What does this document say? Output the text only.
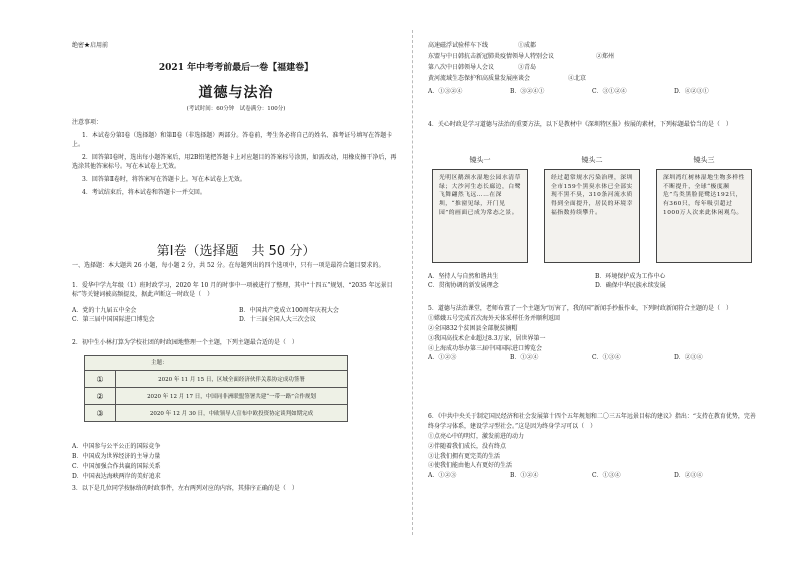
绝密★启用前
2021 年中考考前最后一卷【福建卷】
道德与法治
(考试时间：60分钟　试卷满分：100分)

注意事项：

1．本试卷分第Ⅰ卷（选择题）和第Ⅱ卷（非选择题）两部分。答卷前，考生务必将自己的姓名、准考证号填写在答题卡上。

2．回答第Ⅰ卷时，选出每小题答案后，用2B铅笔把答题卡上对应题目的答案标号涂黑，如需改动，用橡皮擦干净后，再选涂其他答案标号。写在本试卷上无效。

3．回答第Ⅱ卷时，将答案写在答题卡上。写在本试卷上无效。

4．考试结束后，将本试卷和答题卡一并交回。

第Ⅰ卷（选择题　共 50 分）

一、选择题：本大题共 26 小题，每小题 2 分，共 52 分。在每题列出的四个选项中，只有一项是最符合题目要求的。

1．爱华中学九年级（1）班时政学习，2020 年 10 月的时事中一项被进行了整理，其中“十四五”规划、“2035 年远景目标”等关键词被高频提及，据此声断这一时政是（　）

A．党的十九届五中全会	B．中国共产党成立100周年庆祝大会
C．第三届中国国际进口博览会	D．十三届全国人大三次会议

2．初中生小林打算为学校社团的时政园地整理一个主题，下列主题最合适的是（　）

主题：
①	2020 年 11 月 15 日，区域全面经济伙伴关系协定成功签署
②	2020 年 12 月 17 日，中国同非洲联盟签署共建“一带一路”合作规划
③	2020 年 12 月 30 日，中欧领导人宣布中欧投资协定谈判如期完成

A．中国参与公平公正的国际竞争

B．中国成为世界经济的主导力量

C．中国加强合作共赢的国际关系

D．中国表达海峡两岸的美好追求

3．以下是几位同学按脉络的时政事件，左右两列对应的内容，其排序正确的是（　）

高速磁浮试验样车下线	①成都
东盟与中日韩抗击新冠肺炎疫情领导人特别会议	②郑州
第八次中日韩领导人会议	③青岛
黄河流域生态保护和高质量发展座谈会	④北京
A．①③②④	B．③②④①	C．③①②④	D．④②③①

4．关心时政是学习道德与法治的重要方法，以下是教材中《深圳特区报》按展的素材，下列标题最恰当的是（　）

镜头一
光明区鹅颈水湿地公园水清草绿；大沙河生态长廊边，白鹭飞舞翩然飞远……在深圳，“推窗见绿，开门见园”的画面已成为常态之景。
镜头二
经过超常规水污染治理，深圳全市159个黑臭水体已全部实现不黑不臭，310条河流水质得到全面提升，居民的环境幸福指数持续攀升。
镜头三
深圳湾红树林湿地生物多样性不断提升，全球“极度濒危”鸟类黑脸琵鹭达192只，有360只，每年吸引超过1000万人次来此休闲观鸟。
A．坚持人与自然和谐共生	B．环境保护成为工作中心
C．贯彻协调的新发展理念	D．确保中华民族永续发展

5．道德与法治课堂，老师布置了一个主题为“厉害了，我的国”新闻手抄报作业，下列时政新闻符合主题的是（　）

①嫦娥五号完成首次海外天体采样任务并顺利返回

②全国832个贫困县全部脱贫摘帽

③我国高技术企业超过8.3万家，居世界第一

④上海成功举办第三届中国国际进口博览会

A．①②③	B．①②④	C．①③④	D．②③④

6．《中共中央关于制定国民经济和社会发展第十四个五年规划和二〇三五年远景目标的建议》指出：“支持在教育优势，完善终身学习体系，建设学习型社会。”这是因为终身学习可以（　）

①点亮心中的明灯，激发前进的动力

②伴随着我们成长，没有终点

③让我们拥有更完美的生活

④使我们能由他人有更好的生活

A．①②③	B．①②④	C．①③④	D．②③④
